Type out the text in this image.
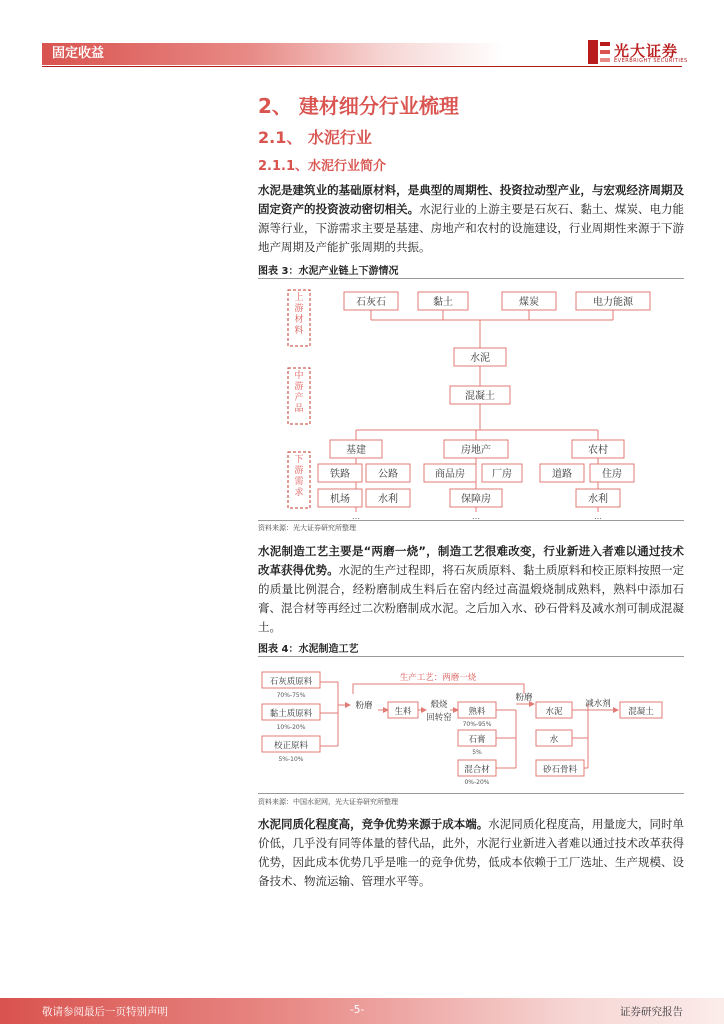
固定收益	光大证券
EVERBRIGHT SECURITIES
2、 建材细分行业梳理
2.1、 水泥行业
2.1.1、水泥行业简介
水泥是建筑业的基础原材料，是典型的周期性、投资拉动型产业，与宏观经济周期及固定资产的投资波动密切相关。水泥行业的上游主要是石灰石、黏土、煤炭、电力能源等行业，下游需求主要是基建、房地产和农村的设施建设，行业周期性来源于下游地产周期及产能扩张周期的共振。
图表 3：水泥产业链上下游情况
上游材料
中游产品
下游需求
石灰石	黏土	煤炭	电力能源
水泥
混凝土
基建	房地产	农村
铁路	公路
机场	水利
商品房	厂房
保障房
道路	住房
水利
…	…	…
资料来源：光大证券研究所整理
水泥制造工艺主要是“两磨一烧”，制造工艺很难改变，行业新进入者难以通过技术改革获得优势。水泥的生产过程即，将石灰质原料、黏土质原料和校正原料按照一定的质量比例混合，经粉磨制成生料后在窑内经过高温煅烧制成熟料，熟料中添加石膏、混合材等再经过二次粉磨制成水泥。之后加入水、砂石骨料及减水剂可制成混凝土。
图表 4：水泥制造工艺
生产工艺：两磨一烧
石灰质原料
70%-75%
黏土质原料
10%-20%
校正原料
5%-10%
粉磨
生料
煅烧
回转窑
熟料
70%-95%
石膏
5%
混合材
0%-20%
粉磨
水泥
水
砂石骨料
减水剂
混凝土
资料来源：中国水泥网，光大证券研究所整理
水泥同质化程度高，竞争优势来源于成本端。水泥同质化程度高，用量庞大，同时单价低，几乎没有同等体量的替代品，此外，水泥行业新进入者难以通过技术改革获得优势，因此成本优势几乎是唯一的竞争优势，低成本依赖于工厂选址、生产规模、设备技术、物流运输、管理水平等。
敬请参阅最后一页特别声明	-5-	证券研究报告
